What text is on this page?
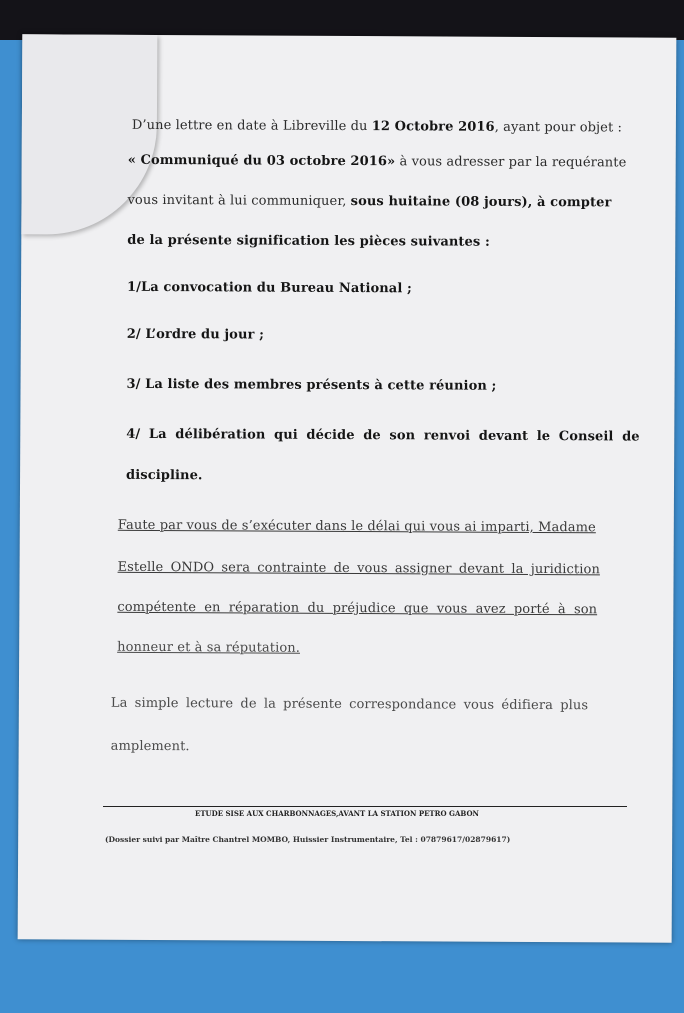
D’une lettre en date à Libreville du 12 Octobre 2016, ayant pour objet :
« Communiqué du 03 octobre 2016» à vous adresser par la requérante
vous invitant à lui communiquer, sous huitaine (08 jours), à compter
de la présente signification les pièces suivantes :
1/La convocation du Bureau National ;
2/ L’ordre du jour ;
3/ La liste des membres présents à cette réunion ;
4/ La délibération qui décide de son renvoi devant le Conseil de
discipline.
Faute par vous de s’exécuter dans le délai qui vous ai imparti, Madame
Estelle ONDO sera contrainte de vous assigner devant la juridiction
compétente en réparation du préjudice que vous avez porté à son
honneur et à sa réputation.
La simple lecture de la présente correspondance vous édifiera plus
amplement.
ETUDE SISE AUX CHARBONNAGES,AVANT LA STATION PETRO GABON
(Dossier suivi par Maître Chantrel MOMBO, Huissier Instrumentaire, Tel : 07879617/02879617)
